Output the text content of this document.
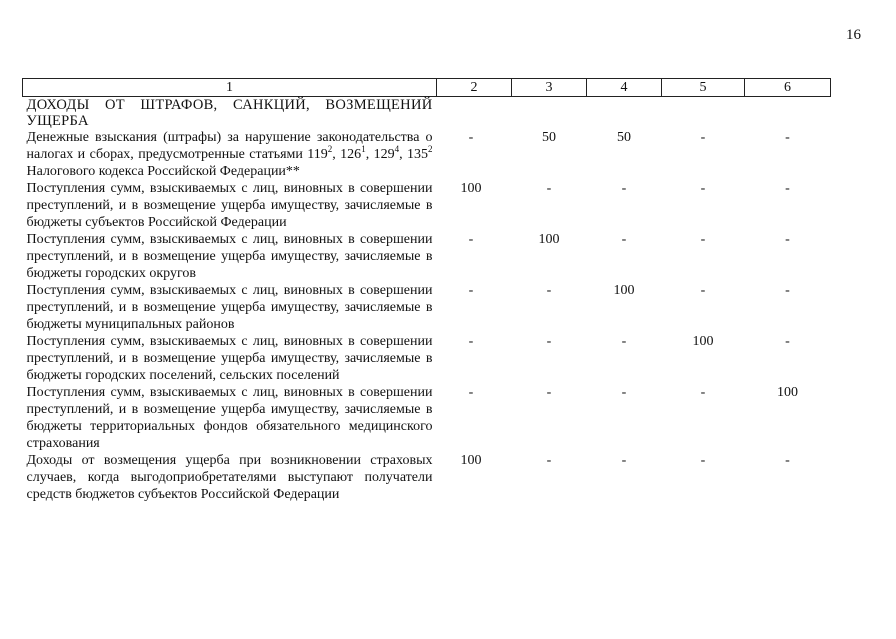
16
1	2	3	4	5	6
ДОХОДЫ ОТ ШТРАФОВ, САНКЦИЙ, ВОЗМЕЩЕНИЙ УЩЕРБА					
Денежные взыскания (штрафы) за нарушение законодательства о налогах и сборах, предусмотренные статьями $119^2$, $126^1$, $129^4$, $135^2$ Налогового кодекса Российской Федерации**	-	50	50	-	-
Поступления сумм, взыскиваемых с лиц, виновных в совершении преступлений, и в возмещение ущерба имуществу, зачисляемые в бюджеты субъектов Российской Федерации	100	-	-	-	-
Поступления сумм, взыскиваемых с лиц, виновных в совершении преступлений, и в возмещение ущерба имуществу, зачисляемые в бюджеты городских округов	-	100	-	-	-
Поступления сумм, взыскиваемых с лиц, виновных в совершении преступлений, и в возмещение ущерба имуществу, зачисляемые в бюджеты муниципальных районов	-	-	100	-	-
Поступления сумм, взыскиваемых с лиц, виновных в совершении преступлений, и в возмещение ущерба имуществу, зачисляемые в бюджеты городских поселений, сельских поселений	-	-	-	100	-
Поступления сумм, взыскиваемых с лиц, виновных в совершении преступлений, и в возмещение ущерба имуществу, зачисляемые в бюджеты территориальных фондов обязательного медицинского страхования	-	-	-	-	100
Доходы от возмещения ущерба при возникновении страховых случаев, когда выгодоприобретателями выступают получатели средств бюджетов субъектов Российской Федерации	100	-	-	-	-
